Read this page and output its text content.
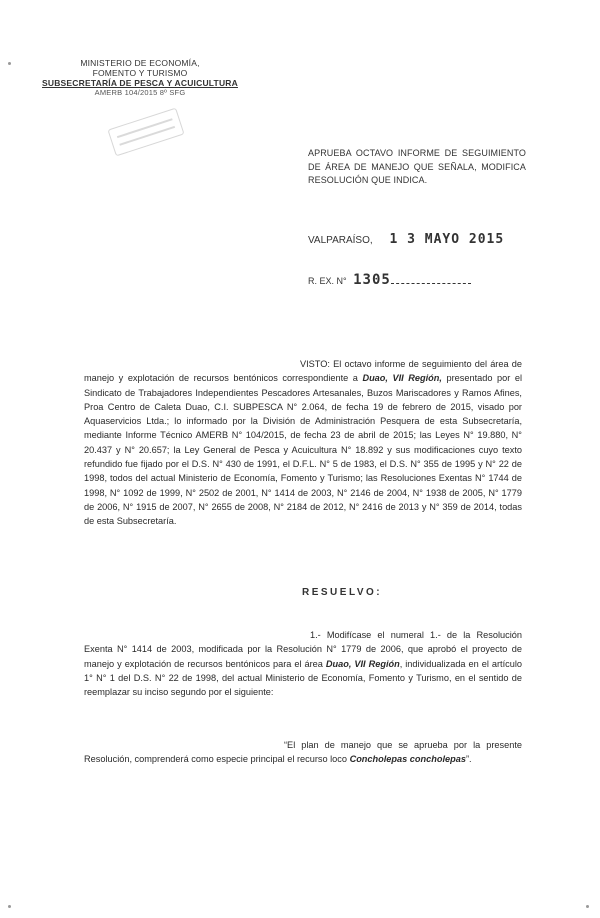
MINISTERIO DE ECONOMÍA,
FOMENTO Y TURISMO
SUBSECRETARÍA DE PESCA Y ACUICULTURA
AMERB 104/2015 8º SFG
APRUEBA OCTAVO INFORME DE SEGUIMIENTO DE ÁREA DE MANEJO QUE SEÑALA, MODIFICA RESOLUCIÓN QUE INDICA.
VALPARAÍSO, 1 3 MAYO 2015
R. EX. N° 1305
VISTO: El octavo informe de seguimiento del área de manejo y explotación de recursos bentónicos correspondiente a Duao, VII Región, presentado por el Sindicato de Trabajadores Independientes Pescadores Artesanales, Buzos Mariscadores y Ramos Afines, Proa Centro de Caleta Duao, C.I. SUBPESCA N° 2.064, de fecha 19 de febrero de 2015, visado por Aquaservicios Ltda.; lo informado por la División de Administración Pesquera de esta Subsecretaría, mediante Informe Técnico AMERB N° 104/2015, de fecha 23 de abril de 2015; las Leyes N° 19.880, N° 20.437 y N° 20.657; la Ley General de Pesca y Acuicultura N° 18.892 y sus modificaciones cuyo texto refundido fue fijado por el D.S. N° 430 de 1991, el D.F.L. N° 5 de 1983, el D.S. N° 355 de 1995 y N° 22 de 1998, todos del actual Ministerio de Economía, Fomento y Turismo; las Resoluciones Exentas N° 1744 de 1998, N° 1092 de 1999, N° 2502 de 2001, N° 1414 de 2003, N° 2146 de 2004, N° 1938 de 2005, N° 1779 de 2006, N° 1915 de 2007, N° 2655 de 2008, N° 2184 de 2012, N° 2416 de 2013 y N° 359 de 2014, todas de esta Subsecretaría.
RESUELVO:
1.- Modifícase el numeral 1.- de la Resolución Exenta N° 1414 de 2003, modificada por la Resolución N° 1779 de 2006, que aprobó el proyecto de manejo y explotación de recursos bentónicos para el área Duao, VII Región, individualizada en el artículo 1° N° 1 del D.S. N° 22 de 1998, del actual Ministerio de Economía, Fomento y Turismo, en el sentido de reemplazar su inciso segundo por el siguiente:
“El plan de manejo que se aprueba por la presente Resolución, comprenderá como especie principal el recurso loco Concholepas concholepas”.
